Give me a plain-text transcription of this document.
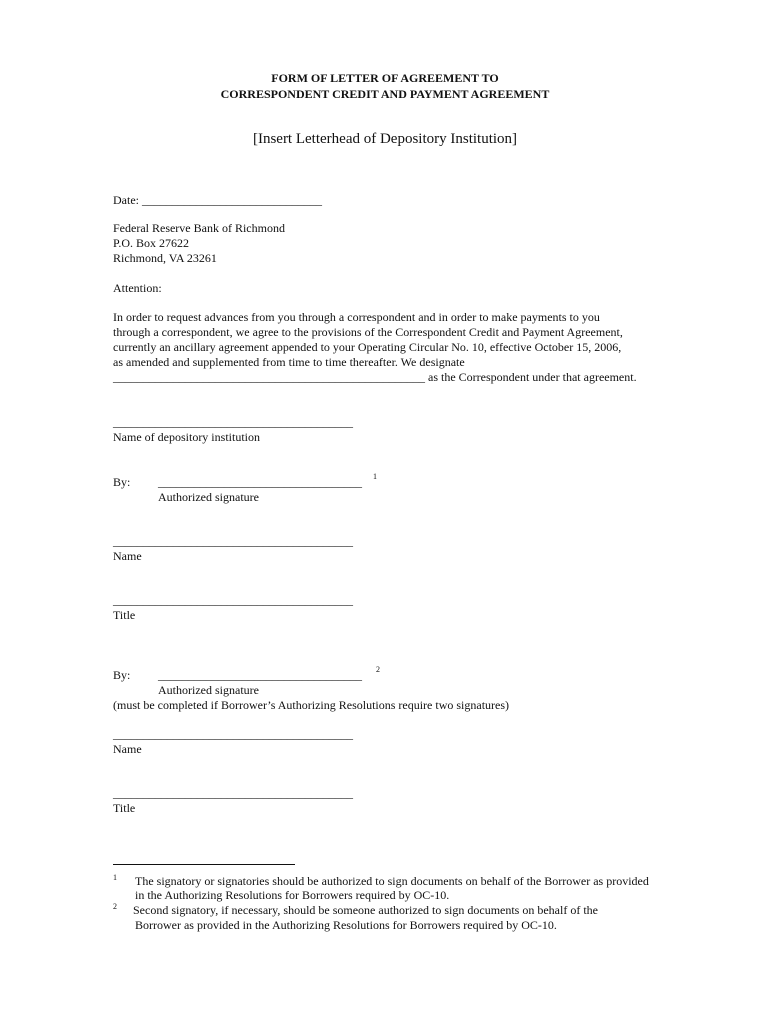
FORM OF LETTER OF AGREEMENT TO
CORRESPONDENT CREDIT AND PAYMENT AGREEMENT
[Insert Letterhead of Depository Institution]
Date: ______________________________
Federal Reserve Bank of Richmond
P.O. Box 27622
Richmond, VA 23261
Attention:
In order to request advances from you through a correspondent and in order to make payments to you
through a correspondent, we agree to the provisions of the Correspondent Credit and Payment Agreement,
currently an ancillary agreement appended to your Operating Circular No. 10, effective October 15, 2006,
as amended and supplemented from time to time thereafter. We designate
____________________________________________________ as the Correspondent under that agreement.
________________________________________
Name of depository institution
By: __________________________________ 1
Authorized signature
________________________________________
Name
________________________________________
Title
By: __________________________________ 2
Authorized signature
(must be completed if Borrower’s Authorizing Resolutions require two signatures)
________________________________________
Name
________________________________________
Title
1 The signatory or signatories should be authorized to sign documents on behalf of the Borrower as provided
in the Authorizing Resolutions for Borrowers required by OC-10.
2 Second signatory, if necessary, should be someone authorized to sign documents on behalf of the
Borrower as provided in the Authorizing Resolutions for Borrowers required by OC-10.
